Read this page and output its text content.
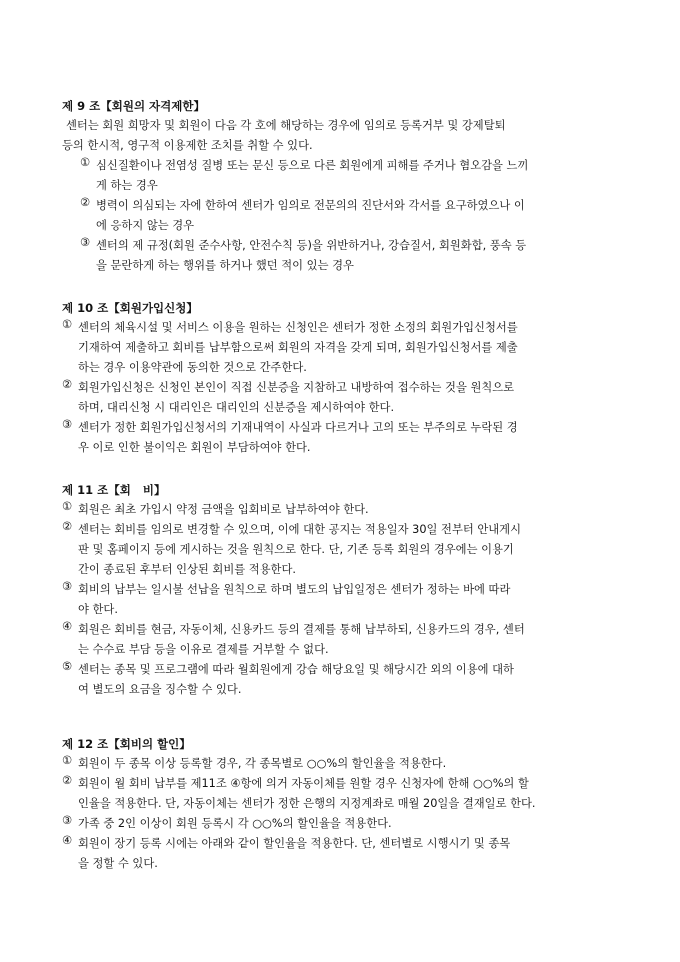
제 9 조【회원의 자격제한】
센터는 회원 희망자 및 회원이 다음 각 호에 해당하는 경우에 임의로 등록거부 및 강제탈퇴
등의 한시적, 영구적 이용제한 조치를 취할 수 있다.
① 심신질환이나 전염성 질병 또는 문신 등으로 다른 회원에게 피해를 주거나 혐오감을 느끼
게 하는 경우
② 병력이 의심되는 자에 한하여 센터가 임의로 전문의의 진단서와 각서를 요구하였으나 이
에 응하지 않는 경우
③ 센터의 제 규정(회원 준수사항, 안전수칙 등)을 위반하거나, 강습질서, 회원화합, 풍속 등
을 문란하게 하는 행위를 하거나 했던 적이 있는 경우
제 10 조【회원가입신청】
① 센터의 체육시설 및 서비스 이용을 원하는 신청인은 센터가 정한 소정의 회원가입신청서를
기재하여 제출하고 회비를 납부함으로써 회원의 자격을 갖게 되며, 회원가입신청서를 제출
하는 경우 이용약관에 동의한 것으로 간주한다.
② 회원가입신청은 신청인 본인이 직접 신분증을 지참하고 내방하여 접수하는 것을 원칙으로
하며, 대리신청 시 대리인은 대리인의 신분증을 제시하여야 한다.
③ 센터가 정한 회원가입신청서의 기재내역이 사실과 다르거나 고의 또는 부주의로 누락된 경
우 이로 인한 불이익은 회원이 부담하여야 한다.
제 11 조【회   비】
① 회원은 최초 가입시 약정 금액을 입회비로 납부하여야 한다.
② 센터는 회비를 임의로 변경할 수 있으며, 이에 대한 공지는 적용일자 30일 전부터 안내게시
판 및 홈페이지 등에 게시하는 것을 원칙으로 한다. 단, 기존 등록 회원의 경우에는 이용기
간이 종료된 후부터 인상된 회비를 적용한다.
③ 회비의 납부는 일시불 선납을 원칙으로 하며 별도의 납입일정은 센터가 정하는 바에 따라
야 한다.
④ 회원은 회비를 현금, 자동이체, 신용카드 등의 결제를 통해 납부하되, 신용카드의 경우, 센터
는 수수료 부담 등을 이유로 결제를 거부할 수 없다.
⑤ 센터는 종목 및 프로그램에 따라 월회원에게 강습 해당요일 및 해당시간 외의 이용에 대하
여 별도의 요금을 징수할 수 있다.
제 12 조【회비의 할인】
① 회원이 두 종목 이상 등록할 경우, 각 종목별로 ○○%의 할인율을 적용한다.
② 회원이 월 회비 납부를 제11조 ④항에 의거 자동이체를 원할 경우 신청자에 한해 ○○%의 할
인율을 적용한다. 단, 자동이체는 센터가 정한 은행의 지정계좌로 매월 20일을 결재일로 한다.
③ 가족 중 2인 이상이 회원 등록시 각 ○○%의 할인율을 적용한다.
④ 회원이 장기 등록 시에는 아래와 같이 할인율을 적용한다. 단, 센터별로 시행시기 및 종목
을 정할 수 있다.
